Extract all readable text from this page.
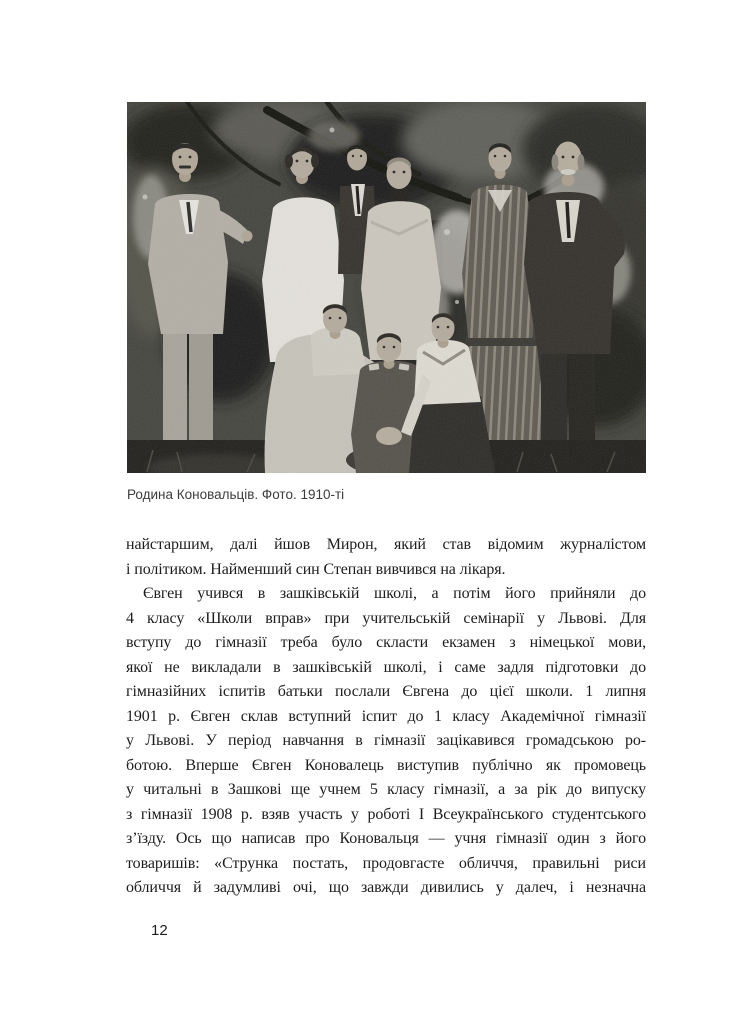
Родина Коновальців. Фото. 1910-ті
найстаршим, далі йшов Мирон, який став відомим журналістом
і політиком. Найменший син Степан вивчився на лікаря.
Євген учився в зашківській школі, а потім його прийняли до
4 класу «Школи вправ» при учительській семінарії у Львові. Для
вступу до гімназії треба було скласти екзамен з німецької мови,
якої не викладали в зашківській школі, і саме задля підготовки до
гімназійних іспитів батьки послали Євгена до цієї школи. 1 липня
1901 р. Євген склав вступний іспит до 1 класу Академічної гімназії
у Львові. У період навчання в гімназії зацікавився громадською ро-
ботою. Вперше Євген Коновалець виступив публічно як промовець
у читальні в Зашкові ще учнем 5 класу гімназії, а за рік до випуску
з гімназії 1908 р. взяв участь у роботі І Всеукраїнського студентського
з’їзду. Ось що написав про Коновальця — учня гімназії один з його
товаришів: «Струнка постать, продовгасте обличчя, правильні риси
обличчя й задумливі очі, що завжди дивились у далеч, і незначна
12
